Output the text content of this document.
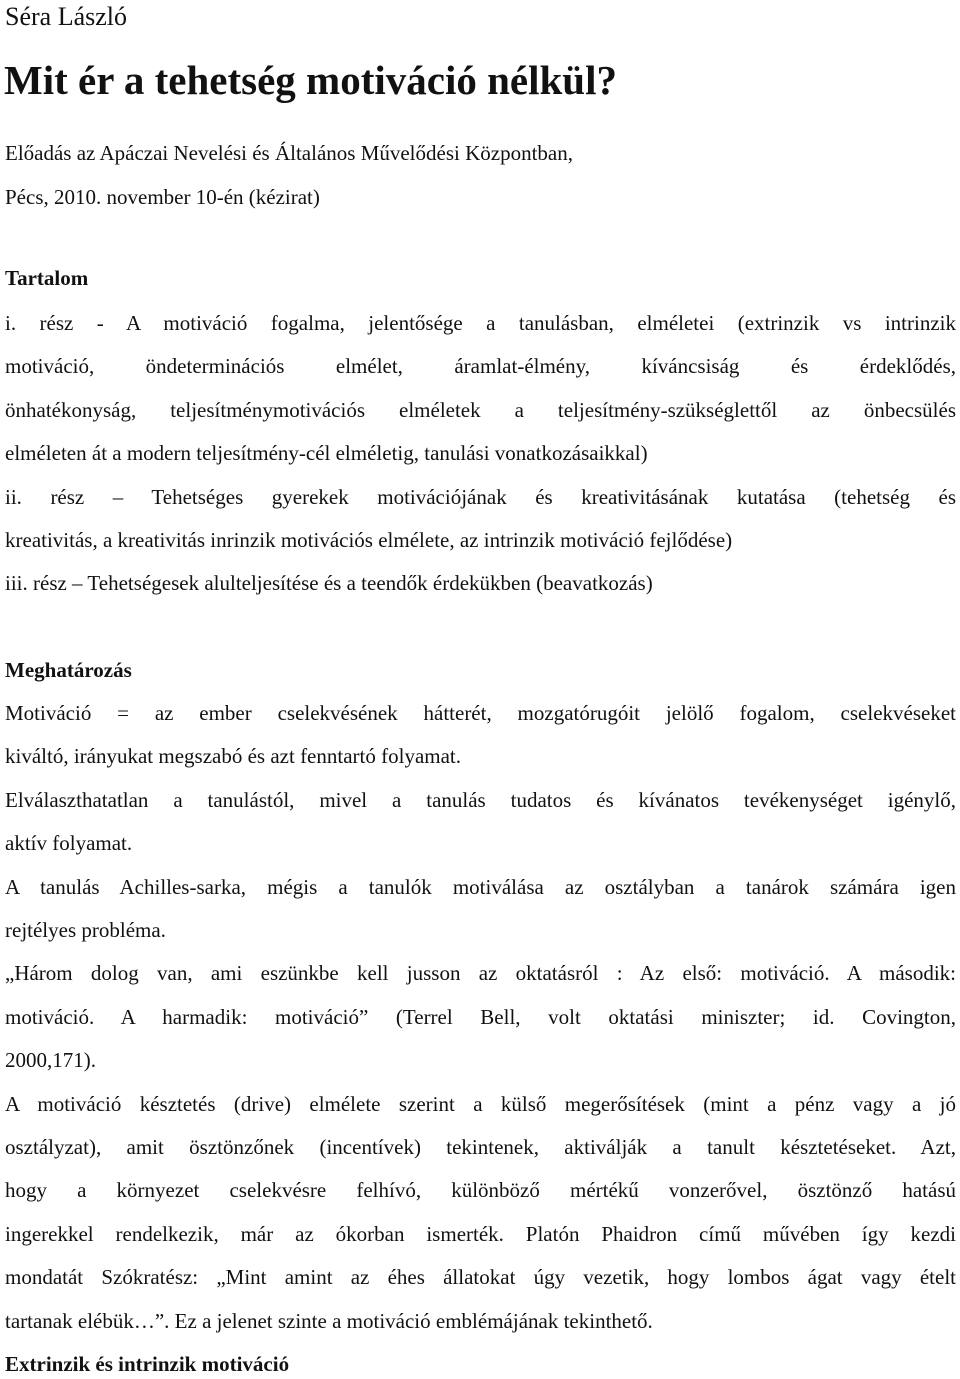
Séra László
Mit ér a tehetség motiváció nélkül?
Előadás az Apáczai Nevelési és Általános Művelődési Központban,
Pécs, 2010. november 10-én (kézirat)
Tartalom
i. rész - A motiváció fogalma, jelentősége a tanulásban, elméletei (extrinzik vs intrinzik
motiváció, öndeterminációs elmélet, áramlat-élmény, kíváncsiság és érdeklődés,
önhatékonyság, teljesítménymotivációs elméletek a teljesítmény-szükséglettől az önbecsülés
elméleten át a modern teljesítmény-cél elméletig, tanulási vonatkozásaikkal)
ii. rész – Tehetséges gyerekek motivációjának és kreativitásának kutatása (tehetség és
kreativitás, a kreativitás inrinzik motivációs elmélete, az intrinzik motiváció fejlődése)
iii. rész – Tehetségesek alulteljesítése és a teendők érdekükben (beavatkozás)
Meghatározás
Motiváció = az ember cselekvésének hátterét, mozgatórugóit jelölő fogalom, cselekvéseket
kiváltó, irányukat megszabó és azt fenntartó folyamat.
Elválaszthatatlan a tanulástól, mivel a tanulás tudatos és kívánatos tevékenységet igénylő,
aktív folyamat.
A tanulás Achilles-sarka, mégis a tanulók motiválása az osztályban a tanárok számára igen
rejtélyes probléma.
„Három dolog van, ami eszünkbe kell jusson az oktatásról : Az első: motiváció. A második:
motiváció. A harmadik: motiváció” (Terrel Bell, volt oktatási miniszter; id. Covington,
2000,171).
A motiváció késztetés (drive) elmélete szerint a külső megerősítések (mint a pénz vagy a jó
osztályzat), amit ösztönzőnek (incentívek) tekintenek, aktiválják a tanult késztetéseket. Azt,
hogy a környezet cselekvésre felhívó, különböző mértékű vonzerővel, ösztönző hatású
ingerekkel rendelkezik, már az ókorban ismerték. Platón Phaidron című művében így kezdi
mondatát Szókratész: „Mint amint az éhes állatokat úgy vezetik, hogy lombos ágat vagy ételt
tartanak elébük…”. Ez a jelenet szinte a motiváció emblémájának tekinthető.
Extrinzik és intrinzik motiváció
